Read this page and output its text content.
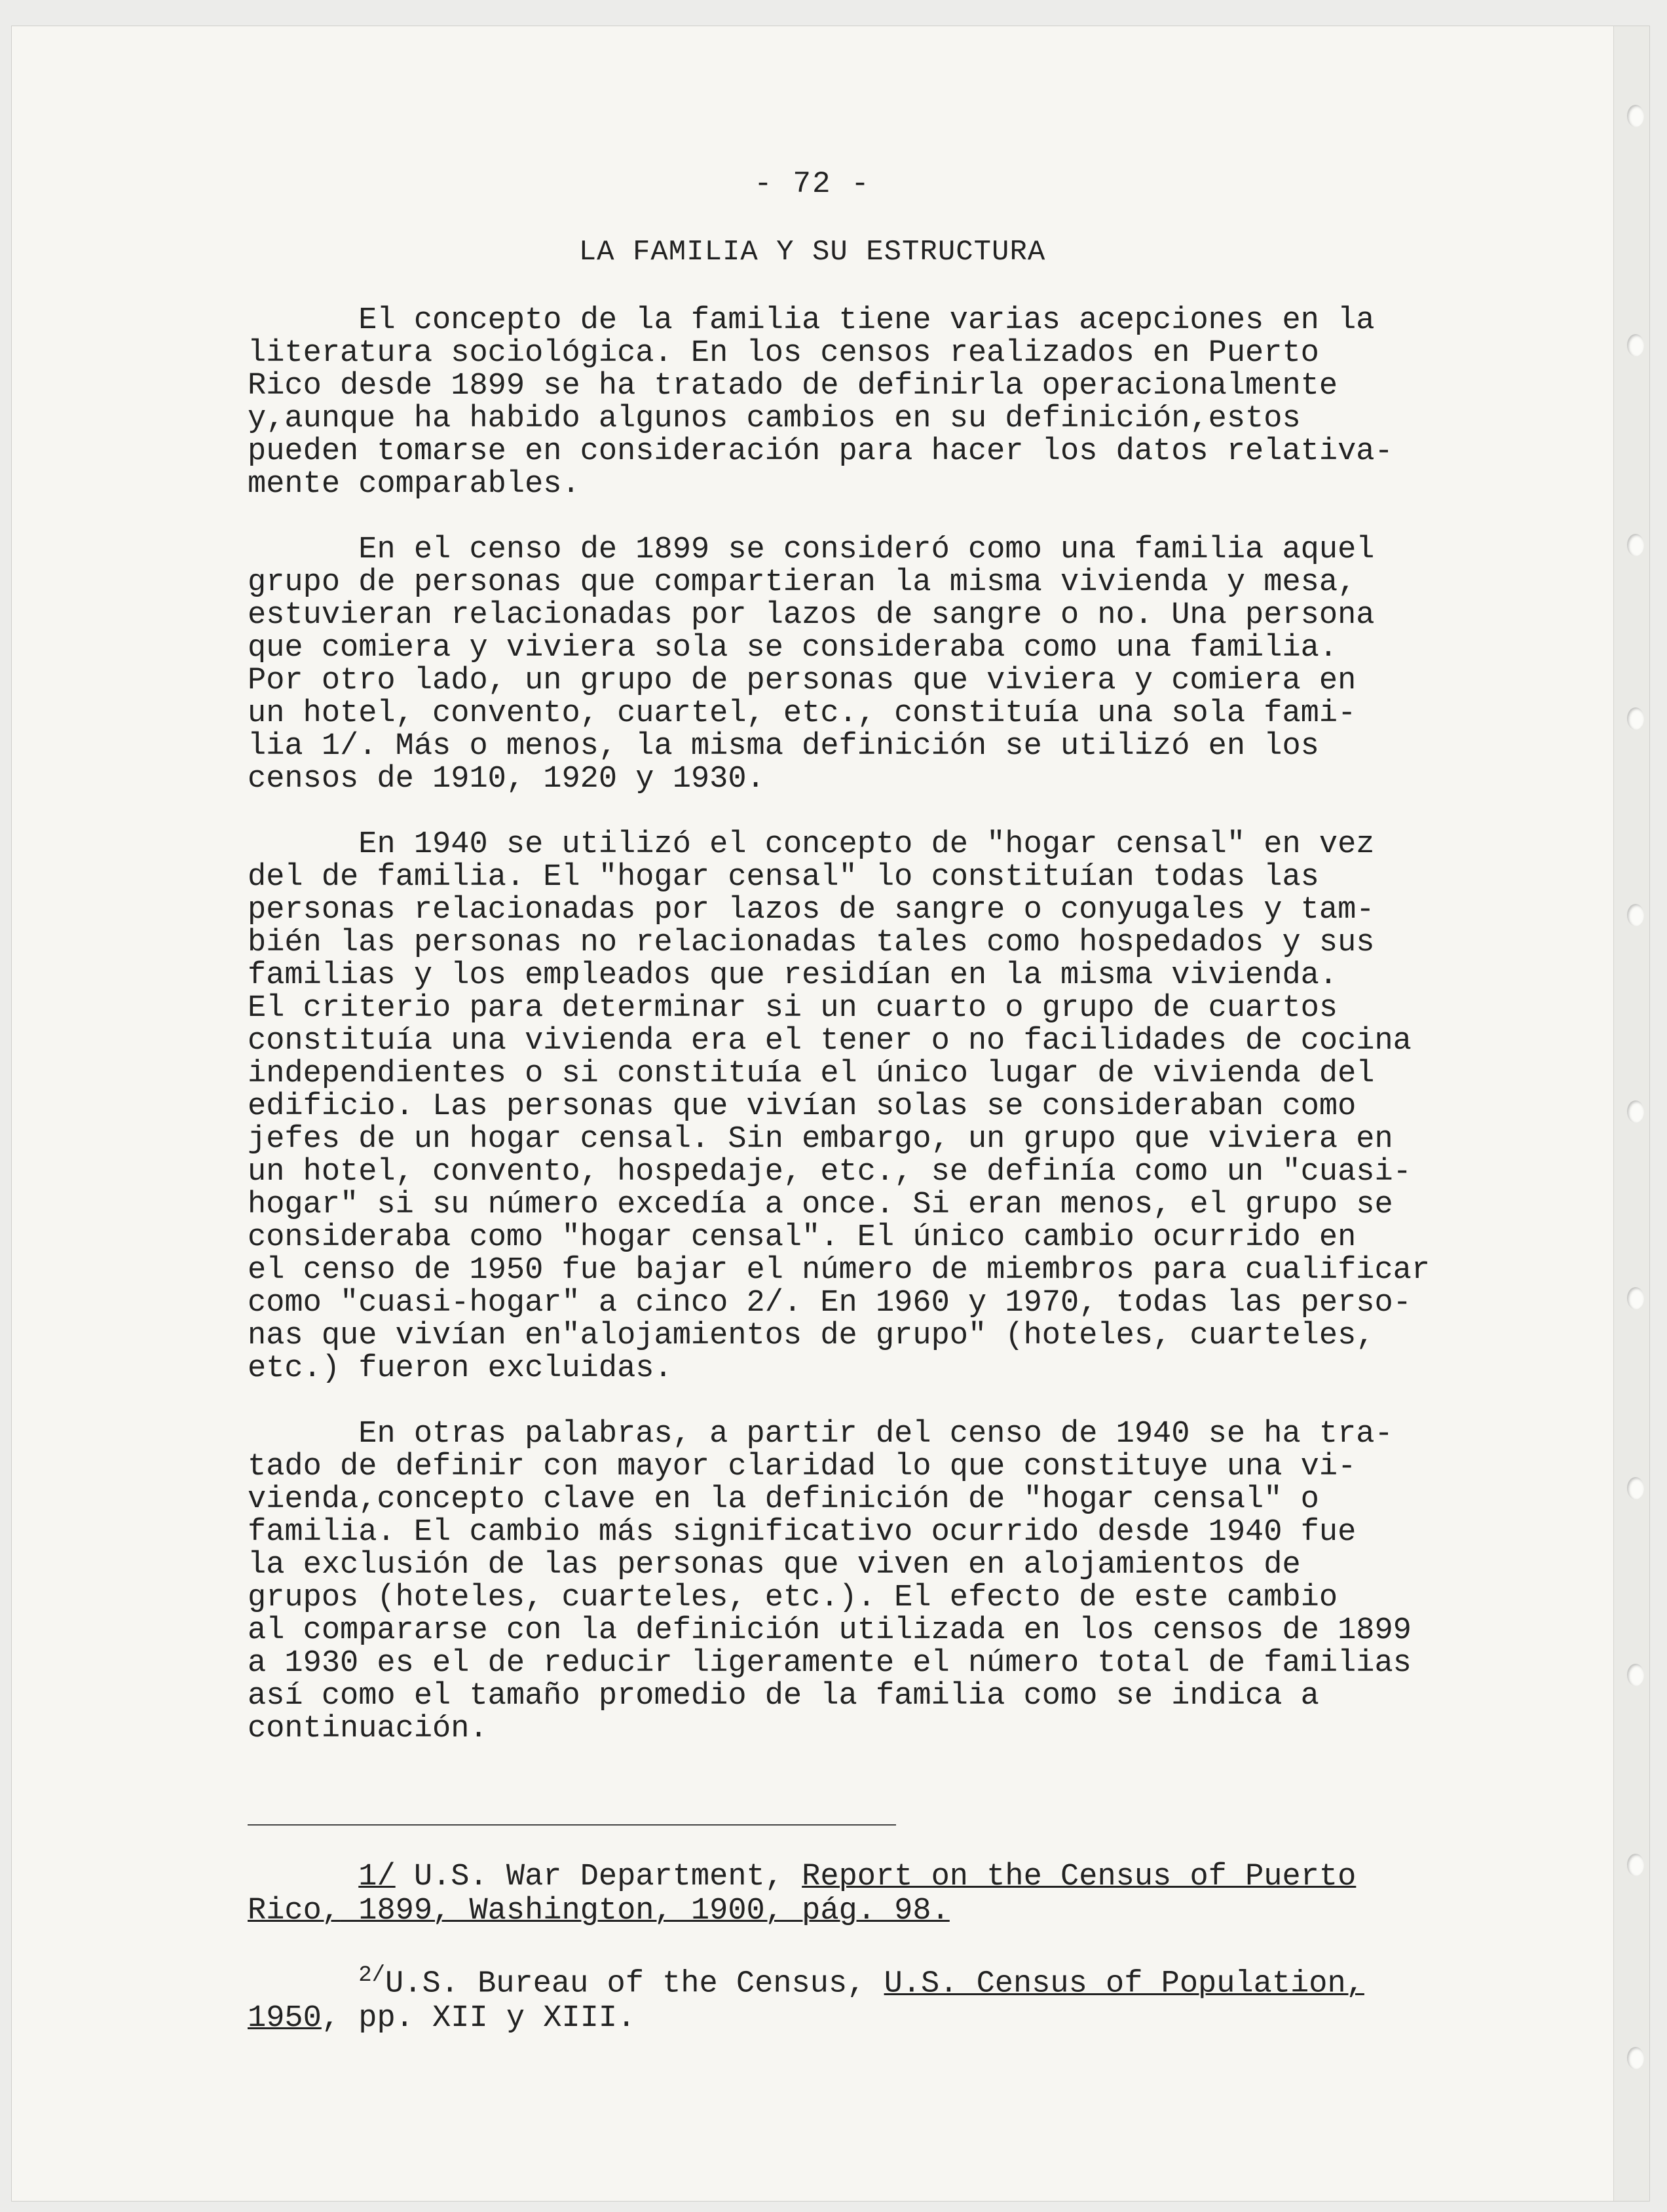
- 72 -
LA FAMILIA Y SU ESTRUCTURA

El concepto de la familia tiene varias acepciones en la
literatura sociológica. En los censos realizados en Puerto
Rico desde 1899 se ha tratado de definirla operacionalmente
y,aunque ha habido algunos cambios en su definición,estos
pueden tomarse en consideración para hacer los datos relativa-
mente comparables.

En el censo de 1899 se consideró como una familia aquel
grupo de personas que compartieran la misma vivienda y mesa,
estuvieran relacionadas por lazos de sangre o no. Una persona
que comiera y viviera sola se consideraba como una familia.
Por otro lado, un grupo de personas que viviera y comiera en
un hotel, convento, cuartel, etc., constituía una sola fami-
lia 1/. Más o menos, la misma definición se utilizó en los
censos de 1910, 1920 y 1930.

En 1940 se utilizó el concepto de "hogar censal" en vez
del de familia. El "hogar censal" lo constituían todas las
personas relacionadas por lazos de sangre o conyugales y tam-
bién las personas no relacionadas tales como hospedados y sus
familias y los empleados que residían en la misma vivienda.
El criterio para determinar si un cuarto o grupo de cuartos
constituía una vivienda era el tener o no facilidades de cocina
independientes o si constituía el único lugar de vivienda del
edificio. Las personas que vivían solas se consideraban como
jefes de un hogar censal. Sin embargo, un grupo que viviera en
un hotel, convento, hospedaje, etc., se definía como un "cuasi-
hogar" si su número excedía a once. Si eran menos, el grupo se
consideraba como "hogar censal". El único cambio ocurrido en
el censo de 1950 fue bajar el número de miembros para cualificar
como "cuasi-hogar" a cinco 2/. En 1960 y 1970, todas las perso-
nas que vivían en"alojamientos de grupo" (hoteles, cuarteles,
etc.) fueron excluidas.

En otras palabras, a partir del censo de 1940 se ha tra-
tado de definir con mayor claridad lo que constituye una vi-
vienda,concepto clave en la definición de "hogar censal" o
familia. El cambio más significativo ocurrido desde 1940 fue
la exclusión de las personas que viven en alojamientos de
grupos (hoteles, cuarteles, etc.). El efecto de este cambio
al compararse con la definición utilizada en los censos de 1899
a 1930 es el de reducir ligeramente el número total de familias
así como el tamaño promedio de la familia como se indica a
continuación.

1/ U.S. War Department, Report on the Census of Puerto
Rico, 1899, Washington, 1900, pág. 98.

$^{2/}$U.S. Bureau of the Census, U.S. Census of Population,
1950, pp. XII y XIII.
